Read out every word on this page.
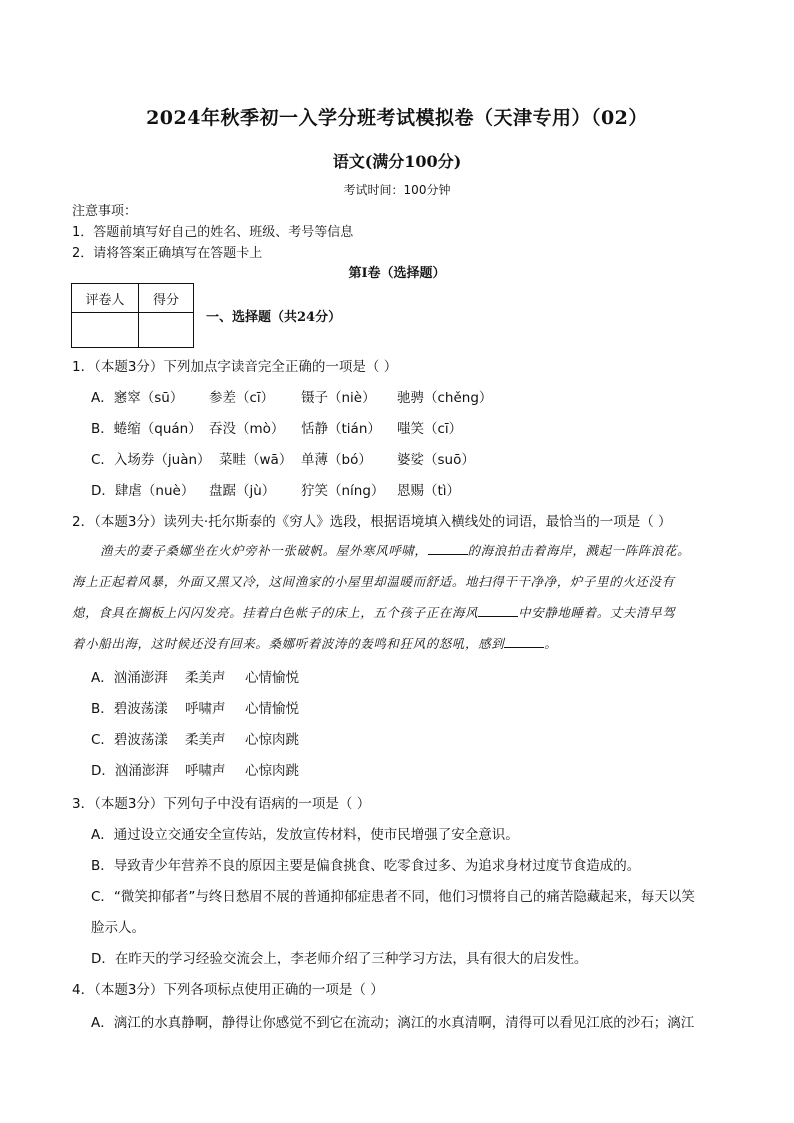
2024年秋季初一入学分班考试模拟卷（天津专用）（02）
语文(满分100分)
考试时间：100分钟
注意事项：
1．答题前填写好自己的姓名、班级、考号等信息
2．请将答案正确填写在答题卡上
第Ⅰ卷（选择题）
评卷人	得分

一、选择题（共24分）
1．（本题3分）下列加点字读音完全正确的一项是（ ）
A．窸窣（sū） 参差（cī） 镊子（niè） 驰骋（chěng）
B．蜷缩（quán） 吞没（mò） 恬静（tián） 嗤笑（cī）
C．入场券（juàn） 菜畦（wā） 单薄（bó） 婆娑（suō）
D．肆虐（nuè） 盘踞（jù） 狞笑（níng） 恩赐（tì）
2．（本题3分）读列夫·托尔斯泰的《穷人》选段，根据语境填入横线处的词语，最恰当的一项是（ ）
渔夫的妻子桑娜坐在火炉旁补一张破帆。屋外寒风呼啸，	的海浪拍击着海岸，溅起一阵阵浪花。
海上正起着风暴，外面又黑又冷，这间渔家的小屋里却温暖而舒适。地扫得干干净净，炉子里的火还没有
熄，食具在搁板上闪闪发亮。挂着白色帐子的床上，五个孩子正在海风	中安静地睡着。丈夫清早驾
着小船出海，这时候还没有回来。桑娜听着波涛的轰鸣和狂风的怒吼，感到	。
A．汹涌澎湃 柔美声 心情愉悦
B．碧波荡漾 呼啸声 心情愉悦
C．碧波荡漾 柔美声 心惊肉跳
D．汹涌澎湃 呼啸声 心惊肉跳
3．（本题3分）下列句子中没有语病的一项是（ ）
A．通过设立交通安全宣传站，发放宣传材料，使市民增强了安全意识。
B．导致青少年营养不良的原因主要是偏食挑食、吃零食过多、为追求身材过度节食造成的。
C．“微笑抑郁者”与终日愁眉不展的普通抑郁症患者不同，他们习惯将自己的痛苦隐藏起来，每天以笑
脸示人。
D．在昨天的学习经验交流会上，李老师介绍了三种学习方法，具有很大的启发性。
4．（本题3分）下列各项标点使用正确的一项是（ ）
A．漓江的水真静啊，静得让你感觉不到它在流动；漓江的水真清啊，清得可以看见江底的沙石；漓江
